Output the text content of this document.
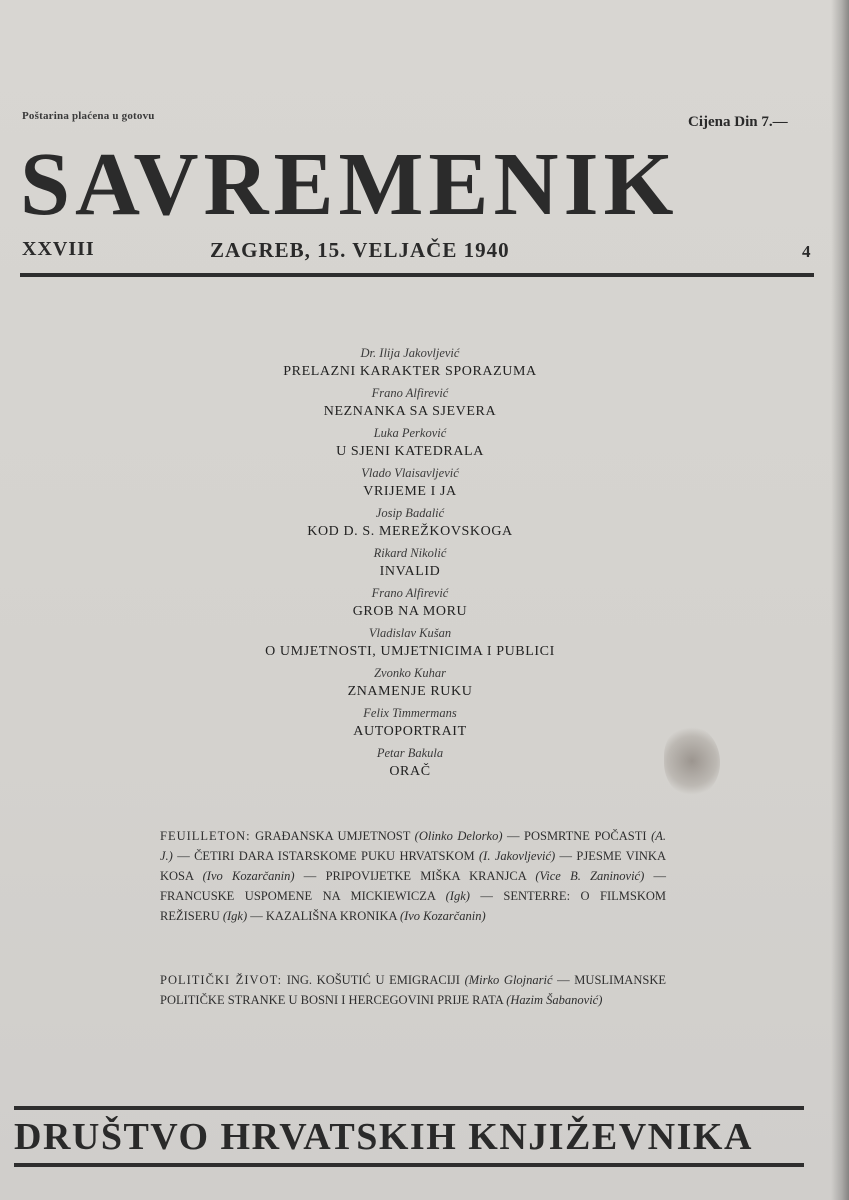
Poštarina plaćena u gotovu	Cijena Din 7.—
SAVREMENIK
XXVIII	ZAGREB, 15. VELJAČE 1940	4
Dr. Ilija Jakovljević
PRELAZNI KARAKTER SPORAZUMA
Frano Alfirević
NEZNANKA SA SJEVERA
Luka Perković
U SJENI KATEDRALA
Vlado Vlaisavljević
VRIJEME I JA
Josip Badalić
KOD D. S. MEREŽKOVSKOGA
Rikard Nikolić
INVALID
Frano Alfirević
GROB NA MORU
Vladislav Kušan
O UMJETNOSTI, UMJETNICIMA I PUBLICI
Zvonko Kuhar
ZNAMENJE RUKU
Felix Timmermans
AUTOPORTRAIT
Petar Bakula
ORAČ
FEUILLETON: GRAĐANSKA UMJETNOST (Olinko Delorko) — POSMRTNE POČASTI (A. J.) — ČETIRI DARA ISTARSKOME PUKU HRVATSKOM (I. Jakovljević) — PJESME VINKA KOSA (Ivo Kozarčanin) — PRIPOVIJETKE MIŠKA KRANJCA (Vice B. Zaninović) — FRANCUSKE USPOMENE NA MICKIEWICZA (Igk) — SENTERRE: O FILMSKOM REŽISERU (Igk) — KAZALIŠNA KRONIKA (Ivo Kozarčanin)
POLITIČKI ŽIVOT: ING. KOŠUTIĆ U EMIGRACIJI (Mirko Glojnarić — MUSLIMANSKE POLITIČKE STRANKE U BOSNI I HERCEGOVINI PRIJE RATA (Hazim Šabanović)
DRUŠTVO HRVATSKIH KNJIŽEVNIKA
